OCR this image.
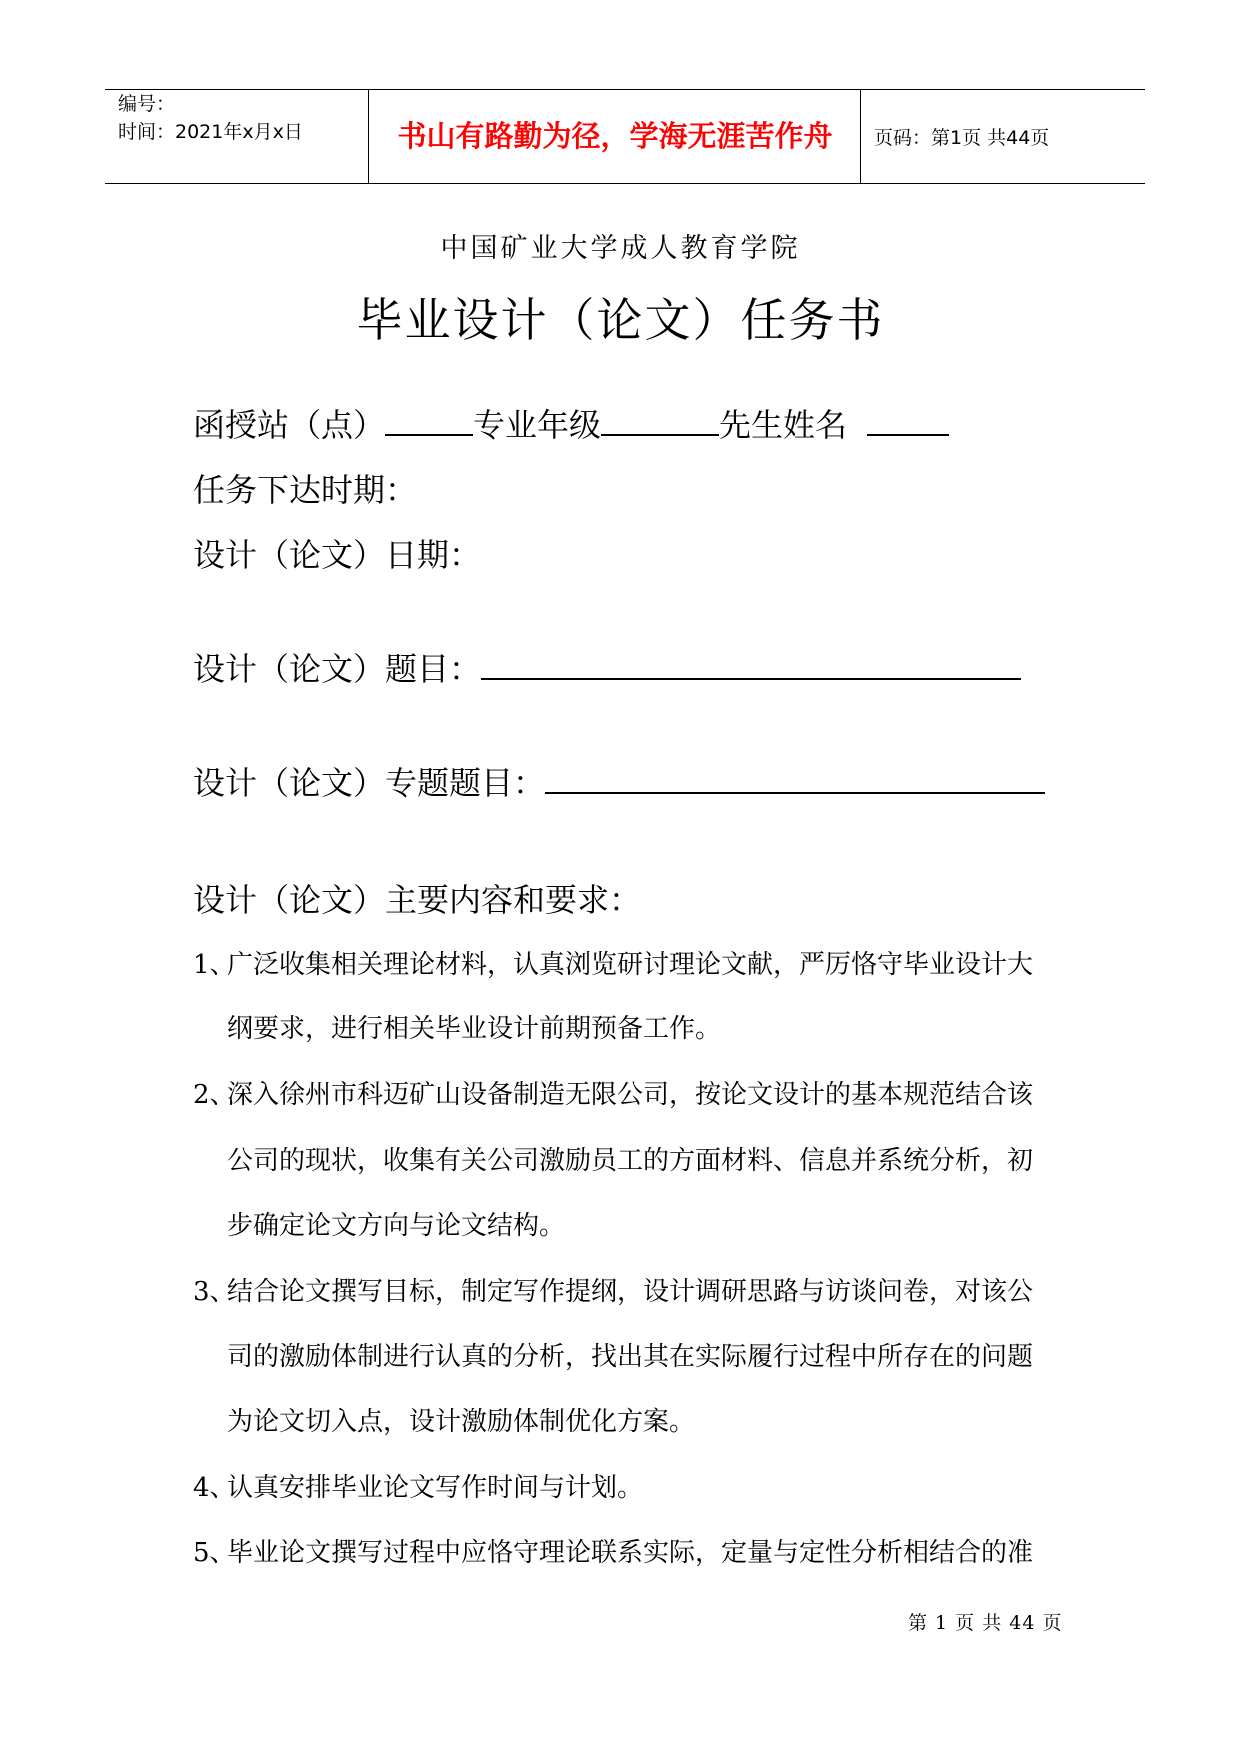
编号：
时间：2021年x月x日	书山有路勤为径，学海无涯苦作舟	页码：第1页 共44页
中国矿业大学成人教育学院
毕业设计（论文）任务书
函授站（点）	专业年级	先生姓名
任务下达时期：
设计（论文）日期：
设计（论文）题目：
设计（论文）专题题目：
设计（论文）主要内容和要求：
1、
广泛收集相关理论材料，认真浏览研讨理论文献，严厉恪守毕业设计大
纲要求，进行相关毕业设计前期预备工作。
2、
深入徐州市科迈矿山设备制造无限公司，按论文设计的基本规范结合该
公司的现状，收集有关公司激励员工的方面材料、信息并系统分析，初
步确定论文方向与论文结构。
3、
结合论文撰写目标，制定写作提纲，设计调研思路与访谈问卷，对该公
司的激励体制进行认真的分析，找出其在实际履行过程中所存在的问题
为论文切入点，设计激励体制优化方案。
4、
认真安排毕业论文写作时间与计划。
5、
毕业论文撰写过程中应恪守理论联系实际，定量与定性分析相结合的准
第 1 页 共 44 页
